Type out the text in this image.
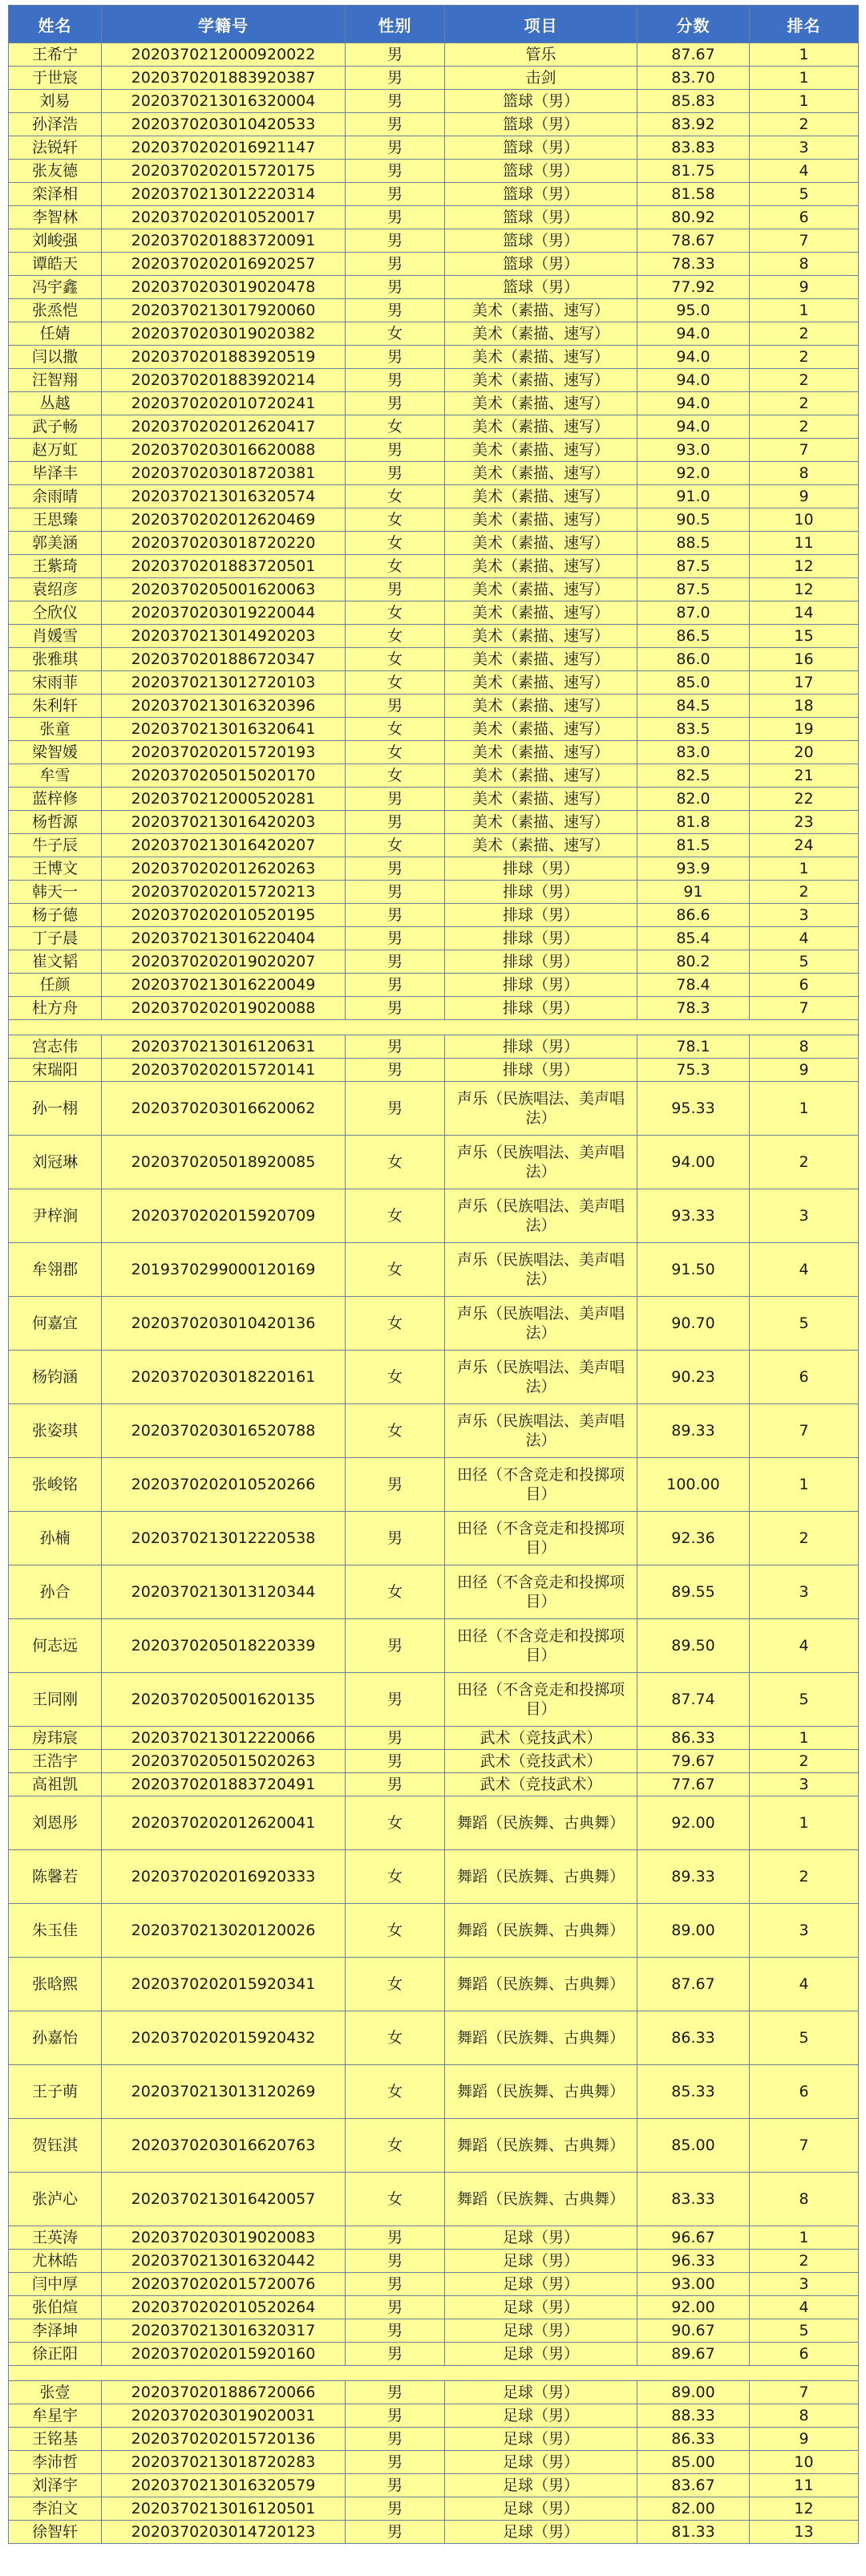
姓名	学籍号	性别	项目	分数	排名
王希宁	2020370212000920022	男	管乐	87.67	1
于世宸	2020370201883920387	男	击剑	83.70	1
刘易	2020370213016320004	男	篮球（男）	85.83	1
孙泽浩	2020370203010420533	男	篮球（男）	83.92	2
法锐轩	2020370202016921147	男	篮球（男）	83.83	3
张友德	2020370202015720175	男	篮球（男）	81.75	4
栾泽相	2020370213012220314	男	篮球（男）	81.58	5
李智林	2020370202010520017	男	篮球（男）	80.92	6
刘峻强	2020370201883720091	男	篮球（男）	78.67	7
谭皓天	2020370202016920257	男	篮球（男）	78.33	8
冯宇鑫	2020370203019020478	男	篮球（男）	77.92	9
张烝恺	2020370213017920060	男	美术（素描、速写）	95.0	1
任婧	2020370203019020382	女	美术（素描、速写）	94.0	2
闫以撒	2020370201883920519	男	美术（素描、速写）	94.0	2
汪智翔	2020370201883920214	男	美术（素描、速写）	94.0	2
丛越	2020370202010720241	男	美术（素描、速写）	94.0	2
武子畅	2020370202012620417	女	美术（素描、速写）	94.0	2
赵万虹	2020370203016620088	男	美术（素描、速写）	93.0	7
毕泽丰	2020370203018720381	男	美术（素描、速写）	92.0	8
余雨晴	2020370213016320574	女	美术（素描、速写）	91.0	9
王思臻	2020370202012620469	女	美术（素描、速写）	90.5	10
郭美涵	2020370203018720220	女	美术（素描、速写）	88.5	11
王紫琦	2020370201883720501	女	美术（素描、速写）	87.5	12
袁绍彦	2020370205001620063	男	美术（素描、速写）	87.5	12
仝欣仪	2020370203019220044	女	美术（素描、速写）	87.0	14
肖媛雪	2020370213014920203	女	美术（素描、速写）	86.5	15
张雅琪	2020370201886720347	女	美术（素描、速写）	86.0	16
宋雨菲	2020370213012720103	女	美术（素描、速写）	85.0	17
朱利轩	2020370213016320396	男	美术（素描、速写）	84.5	18
张童	2020370213016320641	女	美术（素描、速写）	83.5	19
梁智媛	2020370202015720193	女	美术（素描、速写）	83.0	20
牟雪	2020370205015020170	女	美术（素描、速写）	82.5	21
蓝梓修	2020370212000520281	男	美术（素描、速写）	82.0	22
杨哲源	2020370213016420203	男	美术（素描、速写）	81.8	23
牛子辰	2020370213016420207	女	美术（素描、速写）	81.5	24
王博文	2020370202012620263	男	排球（男）	93.9	1
韩天一	2020370202015720213	男	排球（男）	91	2
杨子德	2020370202010520195	男	排球（男）	86.6	3
丁子晨	2020370213016220404	男	排球（男）	85.4	4
崔文韬	2020370202019020207	男	排球（男）	80.2	5
任颜	2020370213016220049	男	排球（男）	78.4	6
杜方舟	2020370202019020088	男	排球（男）	78.3	7

宫志伟	2020370213016120631	男	排球（男）	78.1	8
宋瑞阳	2020370202015720141	男	排球（男）	75.3	9
孙一栩	2020370203016620062	男	声乐（民族唱法、美声唱法）	95.33	1
刘冠琳	2020370205018920085	女	声乐（民族唱法、美声唱法）	94.00	2
尹梓涧	2020370202015920709	女	声乐（民族唱法、美声唱法）	93.33	3
牟翎郡	2019370299000120169	女	声乐（民族唱法、美声唱法）	91.50	4
何嘉宜	2020370203010420136	女	声乐（民族唱法、美声唱法）	90.70	5
杨钧涵	2020370203018220161	女	声乐（民族唱法、美声唱法）	90.23	6
张姿琪	2020370203016520788	女	声乐（民族唱法、美声唱法）	89.33	7
张峻铭	2020370202010520266	男	田径（不含竞走和投掷项目）	100.00	1
孙楠	2020370213012220538	男	田径（不含竞走和投掷项目）	92.36	2
孙合	2020370213013120344	女	田径（不含竞走和投掷项目）	89.55	3
何志远	2020370205018220339	男	田径（不含竞走和投掷项目）	89.50	4
王同刚	2020370205001620135	男	田径（不含竞走和投掷项目）	87.74	5
房玮宸	2020370213012220066	男	武术（竞技武术）	86.33	1
王浩宇	2020370205015020263	男	武术（竞技武术）	79.67	2
高祖凯	2020370201883720491	男	武术（竞技武术）	77.67	3
刘恩彤	2020370202012620041	女	舞蹈（民族舞、古典舞）	92.00	1
陈馨若	2020370202016920333	女	舞蹈（民族舞、古典舞）	89.33	2
朱玉佳	2020370213020120026	女	舞蹈（民族舞、古典舞）	89.00	3
张晗熙	2020370202015920341	女	舞蹈（民族舞、古典舞）	87.67	4
孙嘉怡	2020370202015920432	女	舞蹈（民族舞、古典舞）	86.33	5
王子萌	2020370213013120269	女	舞蹈（民族舞、古典舞）	85.33	6
贺钰淇	2020370203016620763	女	舞蹈（民族舞、古典舞）	85.00	7
张泸心	2020370213016420057	女	舞蹈（民族舞、古典舞）	83.33	8
王英涛	2020370203019020083	男	足球（男）	96.67	1
尤林皓	2020370213016320442	男	足球（男）	96.33	2
闫中厚	2020370202015720076	男	足球（男）	93.00	3
张伯煊	2020370202010520264	男	足球（男）	92.00	4
李泽坤	2020370213016320317	男	足球（男）	90.67	5
徐正阳	2020370202015920160	男	足球（男）	89.67	6

张壹	2020370201886720066	男	足球（男）	89.00	7
牟星宇	2020370203019020031	男	足球（男）	88.33	8
王铭基	2020370202015720136	男	足球（男）	86.33	9
李沛哲	2020370213018720283	男	足球（男）	85.00	10
刘泽宇	2020370213016320579	男	足球（男）	83.67	11
李泊文	2020370213016120501	男	足球（男）	82.00	12
徐智轩	2020370203014720123	男	足球（男）	81.33	13
